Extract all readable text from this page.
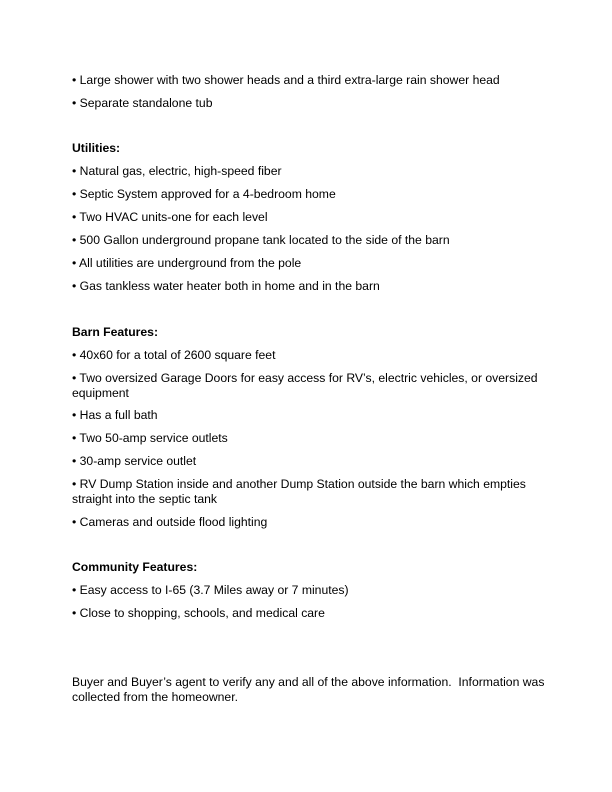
• Large shower with two shower heads and a third extra-large rain shower head
• Separate standalone tub
Utilities:
• Natural gas, electric, high-speed fiber
• Septic System approved for a 4-bedroom home
• Two HVAC units-one for each level
• 500 Gallon underground propane tank located to the side of the barn
• All utilities are underground from the pole
• Gas tankless water heater both in home and in the barn
Barn Features:
• 40x60 for a total of 2600 square feet
• Two oversized Garage Doors for easy access for RV’s, electric vehicles, or oversized equipment
• Has a full bath
• Two 50-amp service outlets
• 30-amp service outlet
• RV Dump Station inside and another Dump Station outside the barn which empties straight into the septic tank
• Cameras and outside flood lighting
Community Features:
• Easy access to I-65 (3.7 Miles away or 7 minutes)
• Close to shopping, schools, and medical care
Buyer and Buyer’s agent to verify any and all of the above information.  Information was collected from the homeowner.
